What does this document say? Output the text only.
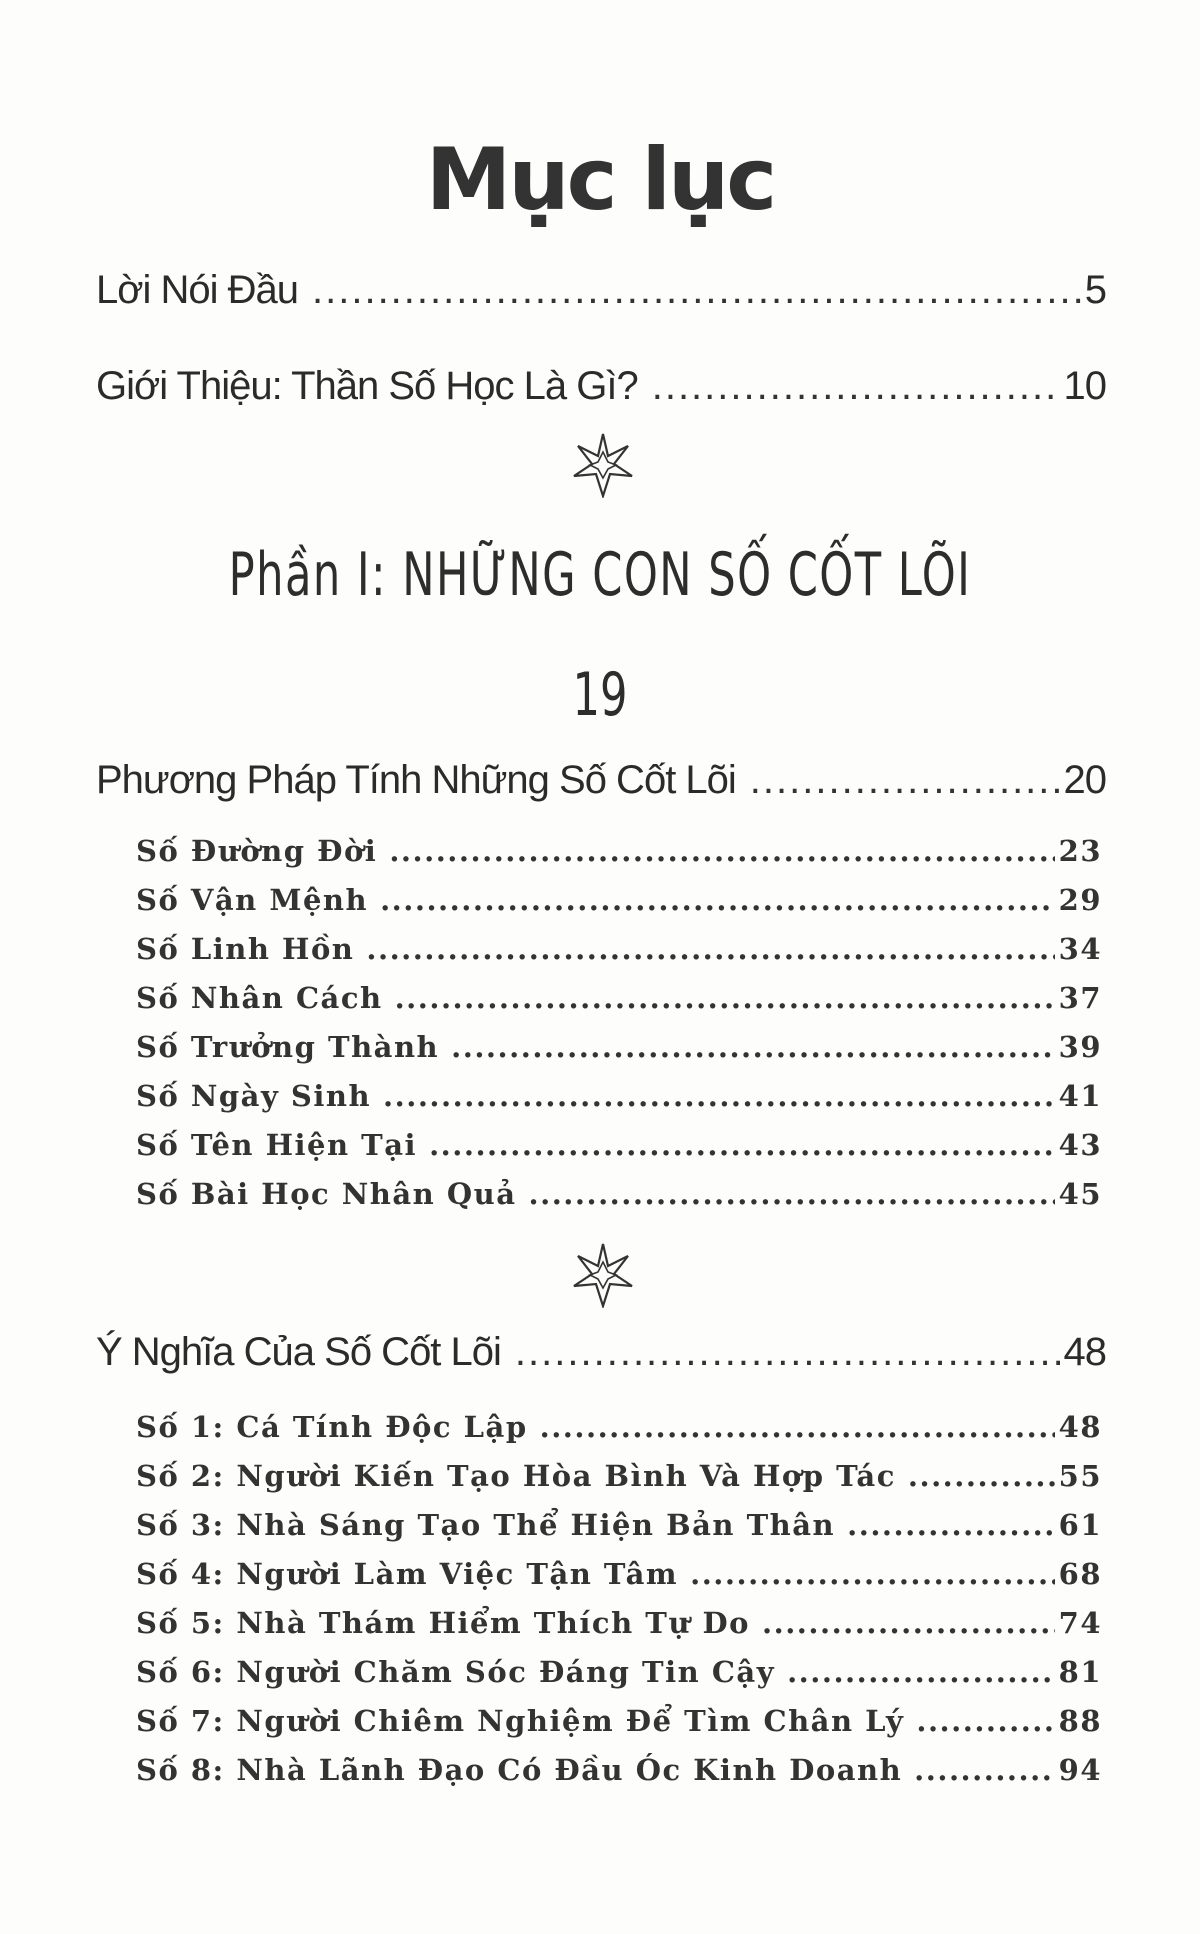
Mục lục
Lời Nói Đầu .....	5
Giới Thiệu: Thần Số Học Là Gì? .....	10
Phần I: NHỮNG CON SỐ CỐT LÕI
19
Phương Pháp Tính Những Số Cốt Lõi .....	20
Số Đường Đời .....	23
Số Vận Mệnh .....	29
Số Linh Hồn .....	34
Số Nhân Cách .....	37
Số Trưởng Thành .....	39
Số Ngày Sinh .....	41
Số Tên Hiện Tại .....	43
Số Bài Học Nhân Quả .....	45
Ý Nghĩa Của Số Cốt Lõi .....	48
Số 1: Cá Tính Độc Lập .....	48
Số 2: Người Kiến Tạo Hòa Bình Và Hợp Tác .....	55
Số 3: Nhà Sáng Tạo Thể Hiện Bản Thân .....	61
Số 4: Người Làm Việc Tận Tâm .....	68
Số 5: Nhà Thám Hiểm Thích Tự Do .....	74
Số 6: Người Chăm Sóc Đáng Tin Cậy .....	81
Số 7: Người Chiêm Nghiệm Để Tìm Chân Lý .....	88
Số 8: Nhà Lãnh Đạo Có Đầu Óc Kinh Doanh .....	94
